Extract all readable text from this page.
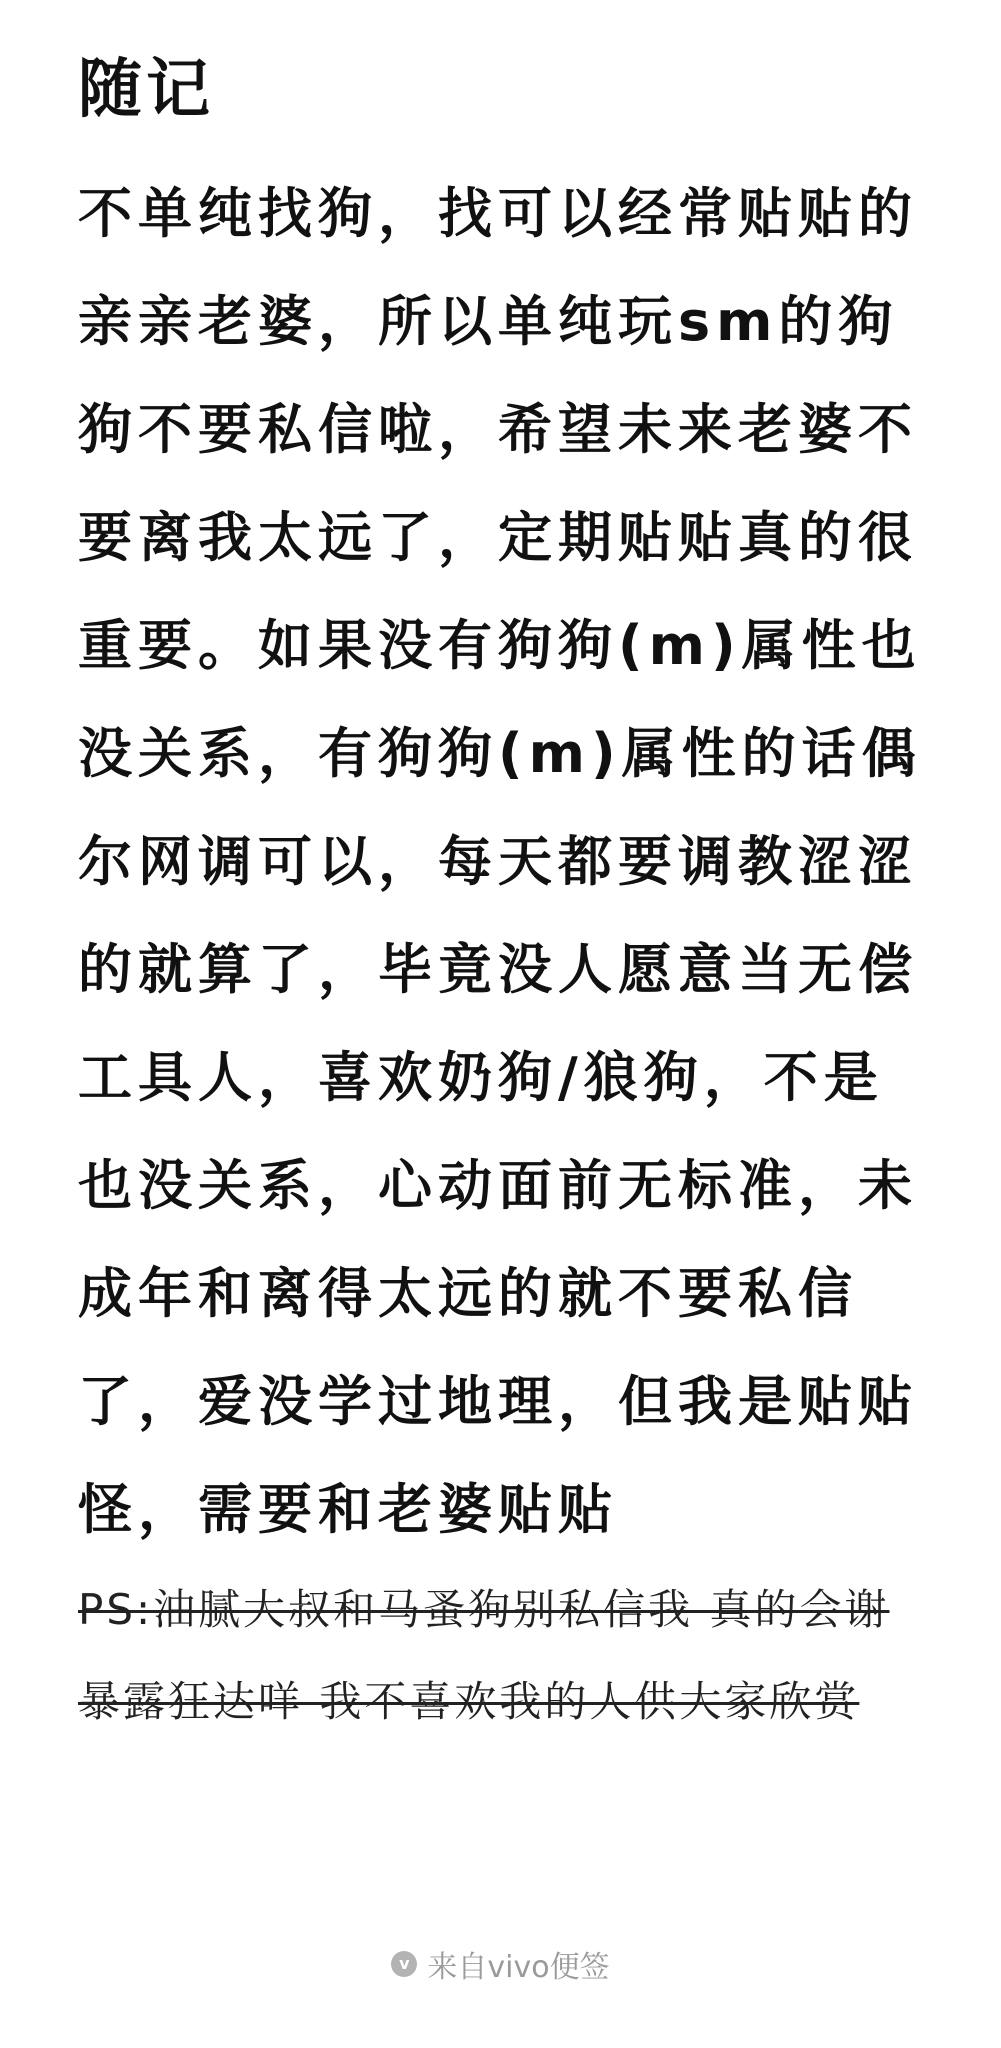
随记
不单纯找狗，找可以经常贴贴的亲亲老婆，所以单纯玩sm的狗狗不要私信啦，希望未来老婆不要离我太远了，定期贴贴真的很重要。如果没有狗狗(m)属性也没关系，有狗狗(m)属性的话偶尔网调可以，每天都要调教涩涩的就算了，毕竟没人愿意当无偿工具人，喜欢奶狗/狼狗，不是也没关系，心动面前无标准，未成年和离得太远的就不要私信了，爱没学过地理，但我是贴贴怪，需要和老婆贴贴
PS:油腻大叔和马蚤狗别私信我 真的会谢 暴露狂达咩 我不喜欢我的人供大家欣赏
v 来自vivo便签
